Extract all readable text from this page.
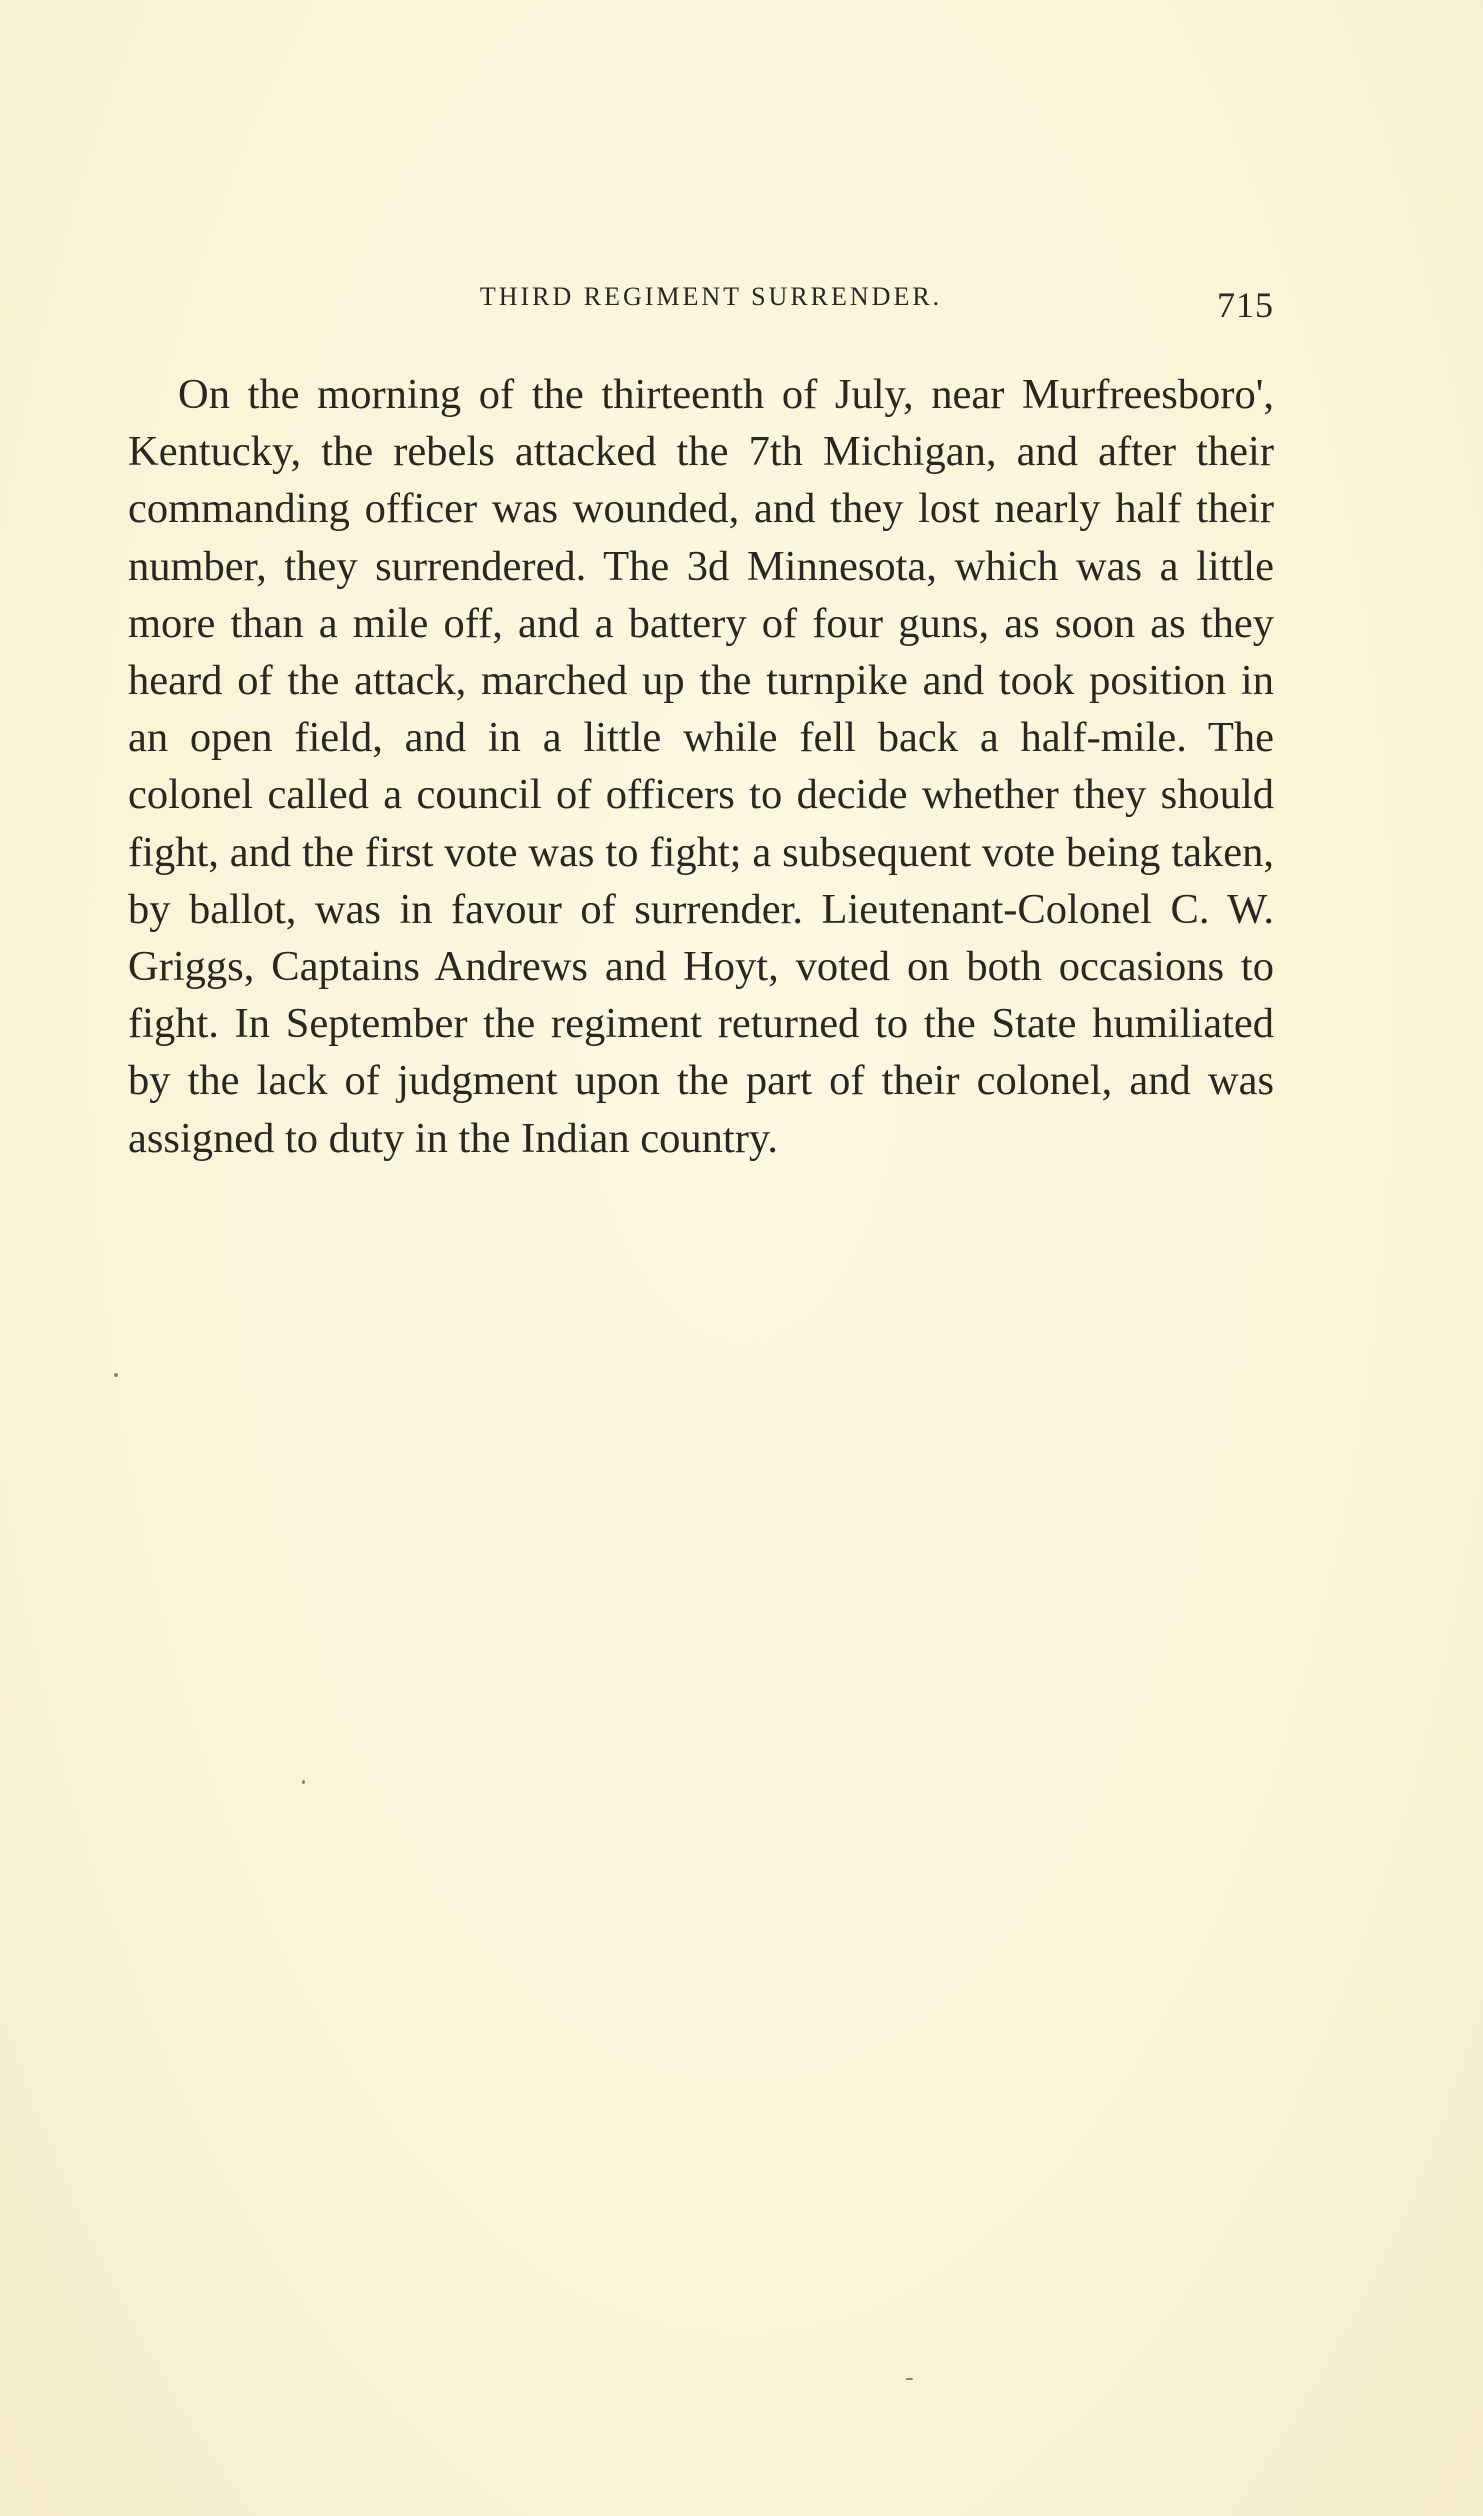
THIRD REGIMENT SURRENDER.	715

On the morning of the thirteenth of July, near Murfreesboro', Kentucky, the rebels attacked the 7th Michigan, and after their commanding officer was wounded, and they lost nearly half their number, they surrendered. The 3d Minnesota, which was a little more than a mile off, and a battery of four guns, as soon as they heard of the attack, marched up the turnpike and took position in an open field, and in a little while fell back a half-mile. The colonel called a council of officers to decide whether they should fight, and the first vote was to fight; a subsequent vote being taken, by ballot, was in favour of surrender. Lieutenant-Colonel C. W. Griggs, Captains Andrews and Hoyt, voted on both occasions to fight. In September the regiment returned to the State humiliated by the lack of judgment upon the part of their colonel, and was assigned to duty in the Indian country.
